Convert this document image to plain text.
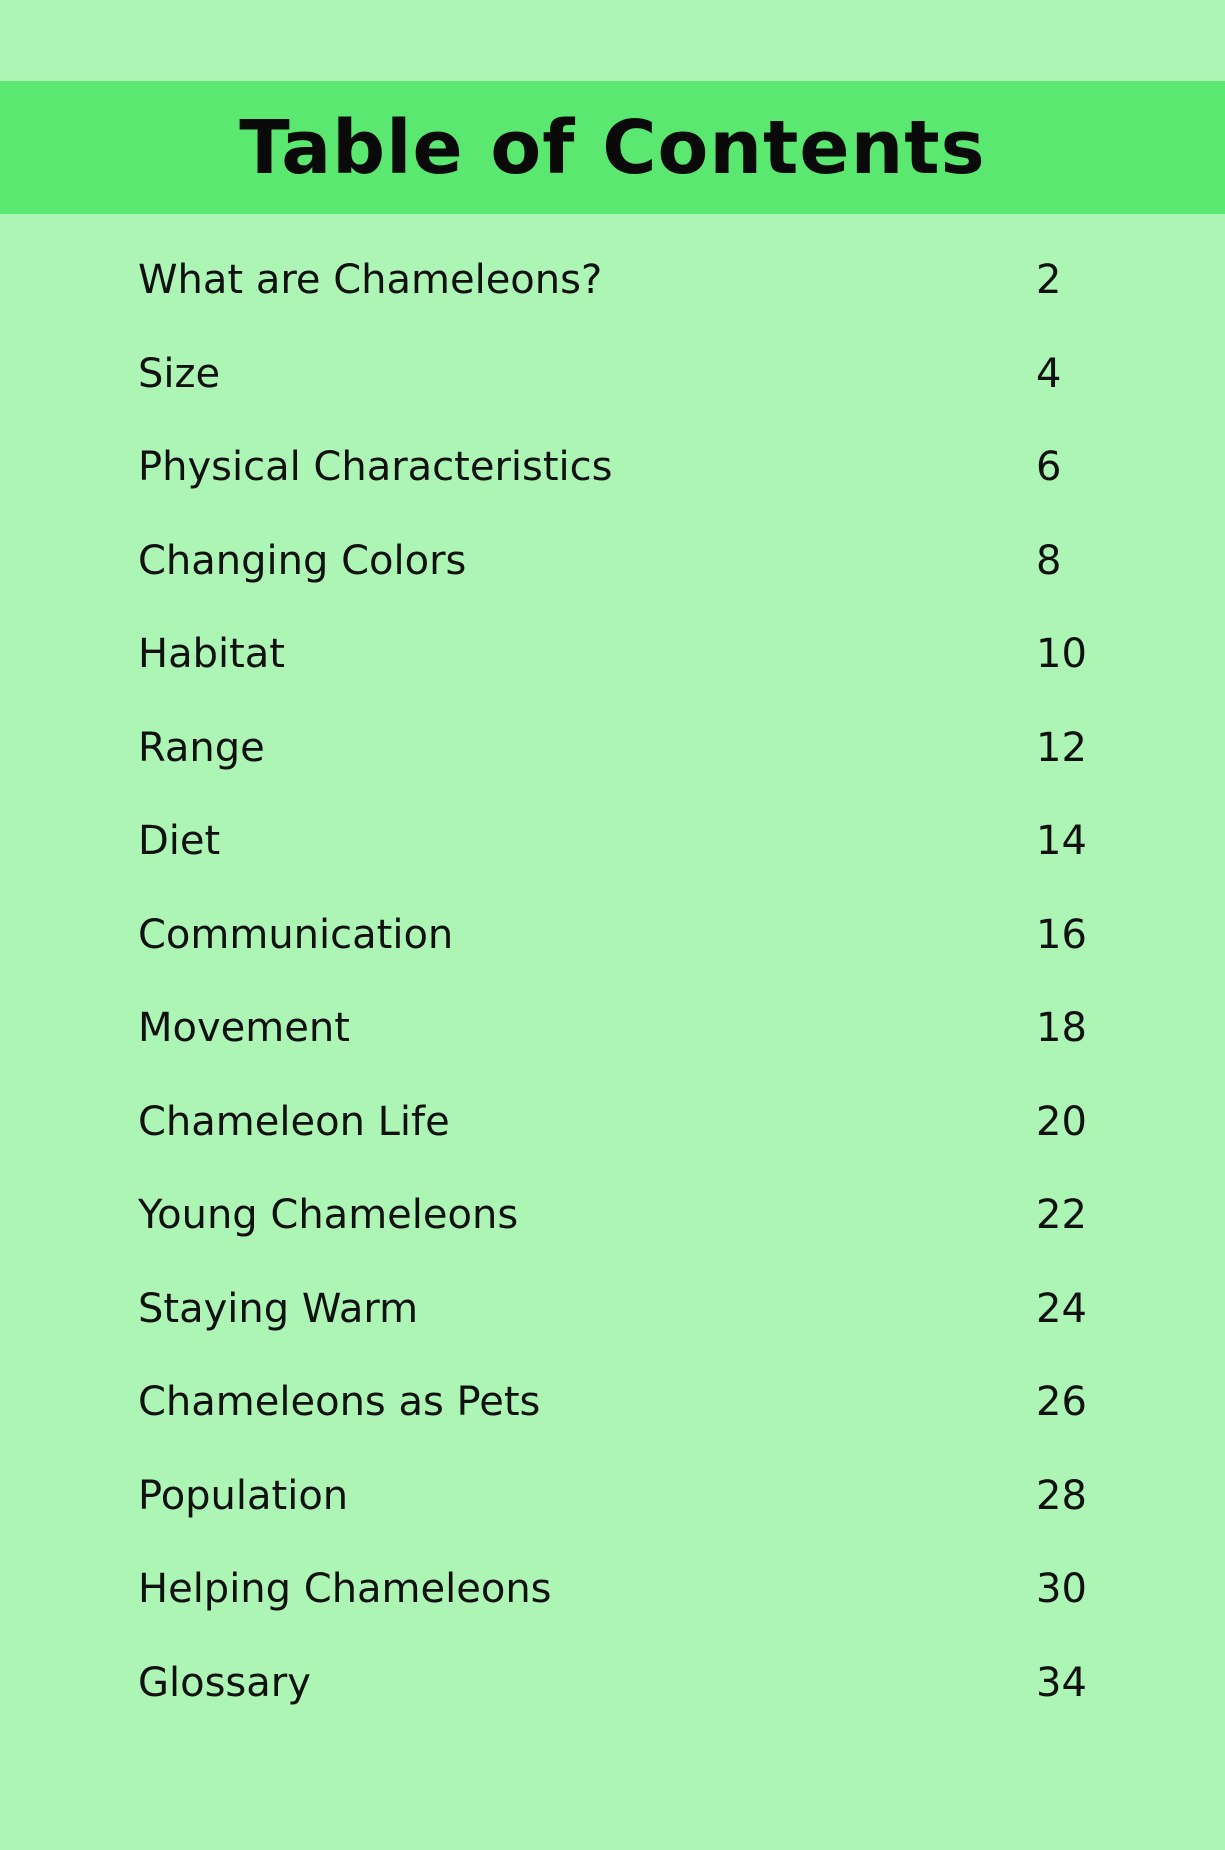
Table of Contents
What are Chameleons?	2
Size	4
Physical Characteristics	6
Changing Colors	8
Habitat	10
Range	12
Diet	14
Communication	16
Movement	18
Chameleon Life	20
Young Chameleons	22
Staying Warm	24
Chameleons as Pets	26
Population	28
Helping Chameleons	30
Glossary	34
